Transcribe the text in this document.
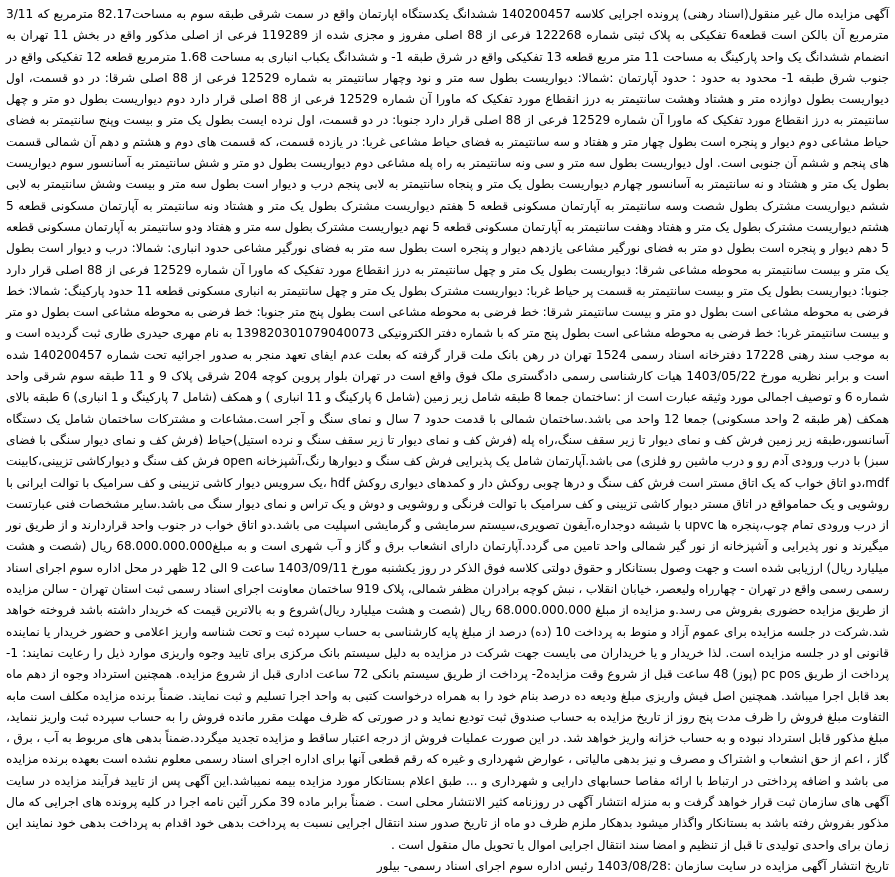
آگهی مزایده مال غیر منقول(اسناد رهنی) پرونده اجرایی کلاسه 140200457 ششدانگ یکدستگاه اپارتمان واقع در سمت شرقی طبقه سوم به مساحت82.17 مترمربع که 3/11 مترمربع آن بالکن است قطعه6 تفکیکی به پلاک ثبتی شماره 122268 فرعی از 88 اصلی مفروز و مجزی شده از 119289 فرعی از اصلی مذکور واقع در بخش 11 تهران به انضمام ششدانگ یک واحد پارکینگ به مساحت 11 متر مربع قطعه 13 تفکیکی واقع در شرق طبقه 1- و ششدانگ یکباب انباری به مساحت 1.68 مترمربع قطعه 12 تفکیکی واقع در جنوب شرق طبقه 1- محدود به حدود : حدود آپارتمان :شمالا: دیواریست بطول سه متر و نود وچهار سانتیمتر به شماره 12529 فرعی از 88 اصلی شرقا: در دو قسمت، اول دیواریست بطول دوازده متر و هشتاد وهشت سانتیمتر به درز انقطاع مورد تفکیک که ماورا آن شماره 12529 فرعی از 88 اصلی قرار دارد دوم دیواریست بطول دو متر و چهل سانتیمتر به درز انقطاع مورد تفکیک که ماورا آن شماره 12529 فرعی از 88 اصلی قرار دارد جنوبا: در دو قسمت، اول نرده ایست بطول یک متر و بیست وپنج سانتیمتر به فضای حیاط مشاعی دوم دیوار و پنجره است بطول چهار متر و هفتاد و سه سانتیمتر به فضای حیاط مشاعی غربا: در یازده قسمت، که قسمت های دوم و هشتم و دهم آن شمالی قسمت های پنجم و ششم آن جنوبی است. اول دیواریست بطول سه متر و سی ونه سانتیمتر به راه پله مشاعی دوم دیواریست بطول دو متر و شش سانتیمتر به آسانسور سوم دیواریست بطول یک متر و هشتاد و نه سانتیمتر به آسانسور چهارم دیواریست بطول یک متر و پنجاه سانتیمتر به لابی پنجم درب و دیوار است بطول سه متر و بیست وشش سانتیمتر به لابی ششم دیواریست مشترک بطول شصت وسه سانتیمتر به آپارتمان مسکونی قطعه 5 هفتم دیواریست مشترک بطول یک متر و هشتاد ونه سانتیمتر به آپارتمان مسکونی قطعه 5 هشتم دیواریست مشترک بطول یک متر و هفتاد وهفت سانتیمتر به آپارتمان مسکونی قطعه 5 نهم دیواریست مشترک بطول سه متر و هفتاد ودو سانتیمتر به آپارتمان مسکونی قطعه 5 دهم دیوار و پنجره است بطول دو متر به فضای نورگیر مشاعی یازدهم دیوار و پنجره است بطول سه متر به فضای نورگیر مشاعی حدود انباری: شمالا: درب و دیوار است بطول یک متر و بیست سانتیمتر به محوطه مشاعی شرقا: دیواریست بطول یک متر و چهل سانتیمتر به درز انقطاع مورد تفکیک که ماورا آن شماره 12529 فرعی از 88 اصلی قرار دارد جنوبا: دیواریست بطول یک متر و بیست سانتیمتر به قسمت پر حیاط غربا: دیواریست مشترک بطول یک متر و چهل سانتیمتر به انباری مسکونی قطعه 11 حدود پارکینگ: شمالا: خط فرضی به محوطه مشاعی است بطول دو متر و بیست سانتیمتر شرقا: خط فرضی به محوطه مشاعی است بطول پنج متر جنوبا: خط فرضی به محوطه مشاعی است بطول دو متر و بیست سانتیمتر غربا: خط فرضی به محوطه مشاعی است بطول پنج متر که با شماره دفتر الکترونیکی 139820301079040073 به نام مهری حیدری طاری ثبت گردیده است و به موجب سند رهنی 17228 دفترخانه اسناد رسمی 1524 تهران در رهن بانک ملت قرار گرفته که بعلت عدم ایفای تعهد منجر به صدور اجرائیه تحت شماره 140200457 شده است و برابر نظریه مورخ 1403/05/22 هیات کارشناسی رسمی دادگستری ملک فوق واقع است در تهران بلوار پروین کوچه 204 شرقی پلاک 9 و 11 طبقه سوم شرقی واحد شماره 6 و توصیف اجمالی مورد وثیقه عبارت است از :ساختمان جمعا 8 طبقه شامل زیر زمین (شامل 6 پارکینگ و 11 انباری ) و همکف (شامل 7 پارکینگ و 1 انباری) 6 طبقه بالای همکف (هر طبقه 2 واحد مسکونی) جمعا 12 واحد می باشد.ساختمان شمالی با قدمت حدود 7 سال و نمای سنگ و آجر است.مشاعات و مشترکات ساختمان شامل یک دستگاه آسانسور،طبقه زیر زمین فرش کف و نمای دیوار تا زیر سقف سنگ،راه پله (فرش کف و نمای دیوار تا زیر سقف سنگ و نرده استیل)حیاط (فرش کف و نمای دیوار سنگی با فضای سبز) با درب ورودی آدم رو و درب ماشین رو فلزی) می باشد.آپارتمان شامل یک پذیرایی فرش کف سنگ و دیوارها رنگ،آشپزخانه open فرش کف سنگ و دیوارکاشی تزیینی،کابینت mdf،دو اتاق خواب که یک اتاق مستر است فرش کف سنگ و درها چوبی روکش دار و کمدهای دیواری روکش hdf ،یک سرویس دیوار کاشی تزیینی و کف سرامیک با توالت ایرانی با روشویی و یک حمامواقع در اتاق مستر دیوار کاشی تزیینی و کف سرامیک با توالت فرنگی و روشویی و دوش و یک تراس و نمای دیوار سنگ می باشد.سایر مشخصات فنی عبارتست از درب ورودی تمام چوب،پنجره ها upvc با شیشه دوجداره،آیفون تصویری،سیستم سرمایشی و گرمایشی اسپلیت می باشد.دو اتاق خواب در جنوب واحد قراردارند و از طریق نور میگیرند و نور پذیرایی و آشپزخانه از نور گیر شمالی واحد تامین می گردد.آپارتمان دارای انشعاب برق و گاز و آب شهری است و به مبلغ68.000.000.000 ریال (شصت و هشت میلیارد ریال) ارزیابی شده است و جهت وصول بستانکار و حقوق دولتی کلاسه فوق الذکر در روز یکشنبه مورخ 1403/09/11 ساعت 9 الی 12 ظهر در محل اداره سوم اجرای اسناد رسمی رسمی واقع در تهران - چهارراه ولیعصر، خیابان انقلاب ، نبش کوچه برادران مظفر شمالی، پلاک 919 ساختمان معاونت اجرای اسناد رسمی ثبت استان تهران - سالن مزایده از طریق مزایده حضوری بفروش می رسد.و مزایده از مبلغ 68.000.000.000 ریال (شصت و هشت میلیارد ریال)شروع و به بالاترین قیمت که خریدار داشته باشد فروخته خواهد شد.شرکت در جلسه مزایده برای عموم آزاد و منوط به پرداخت 10 (ده) درصد از مبلغ پایه کارشناسی به حساب سپرده ثبت و تحت شناسه واریز اعلامی و حضور خریدار یا نماینده قانونی او در جلسه مزایده است. لذا خریدار و یا خریداران می بایست جهت شرکت در مزایده به دلیل سیستم بانک مرکزی برای تایید وجوه واریزی موارد ذیل را رعایت نمایند: 1- پرداخت از طریق pc pos (پوز) 48 ساعت قبل از شروع وقت مزایده2- پرداخت از طریق سیستم بانکی 72 ساعت اداری قبل از شروع مزایده. همچنین استرداد وجوه از دهم ماه بعد قابل اجرا میباشد. همچنین اصل فیش واریزی مبلغ ودیعه ده درصد بنام خود را به همراه درخواست کتبی به واحد اجرا تسلیم و ثبت نمایند. ضمناً برنده مزایده مکلف است مابه التفاوت مبلغ فروش را ظرف مدت پنج روز از تاریخ مزایده به حساب صندوق ثبت تودیع نماید و در صورتی که ظرف مهلت مقرر مانده فروش را به حساب سپرده ثبت واریز ننماید، مبلغ مذکور قابل استرداد نبوده و به حساب خزانه واریز خواهد شد. در این صورت عملیات فروش از درجه اعتبار ساقط و مزایده تجدید میگردد.ضمناً بدهی های مربوط به آب ، برق ، گاز ، اعم از حق انشعاب و اشتراک و مصرف و نیز بدهی مالیاتی ، عوارض شهرداری و غیره که رقم قطعی آنها برای اداره اجرای اسناد رسمی معلوم نشده است بعهده برنده مزایده می باشد و اضافه پرداختی در ارتباط با ارائه مفاصا حسابهای دارایی و شهرداری و ... طبق اعلام بستانکار مورد مزایده بیمه نمیباشد.این آگهی پس از تایید فرآیند مزایده در سایت آگهی های سازمان ثبت قرار خواهد گرفت و به منزله انتشار آگهی در روزنامه کثیر الانتشار محلی است . ضمناً برابر ماده 39 مکرر آئین نامه اجرا در کلیه پرونده های اجرایی که مال مذکور بفروش رفته باشد به بستانکار واگذار میشود بدهکار ملزم ظرف دو ماه از تاریخ صدور سند انتقال اجرایی نسبت به پرداخت بدهی خود اقدام به پرداخت بدهی خود نمایند این زمان برای واحدی تولیدی تا قبل از تنظیم و امضا سند انتقال اجرایی اموال یا تحویل مال منقول است .

تاریخ انتشار آگهی مزایده در سایت سازمان :1403/08/28 رئیس اداره سوم اجرای اسناد رسمی- بیلور
